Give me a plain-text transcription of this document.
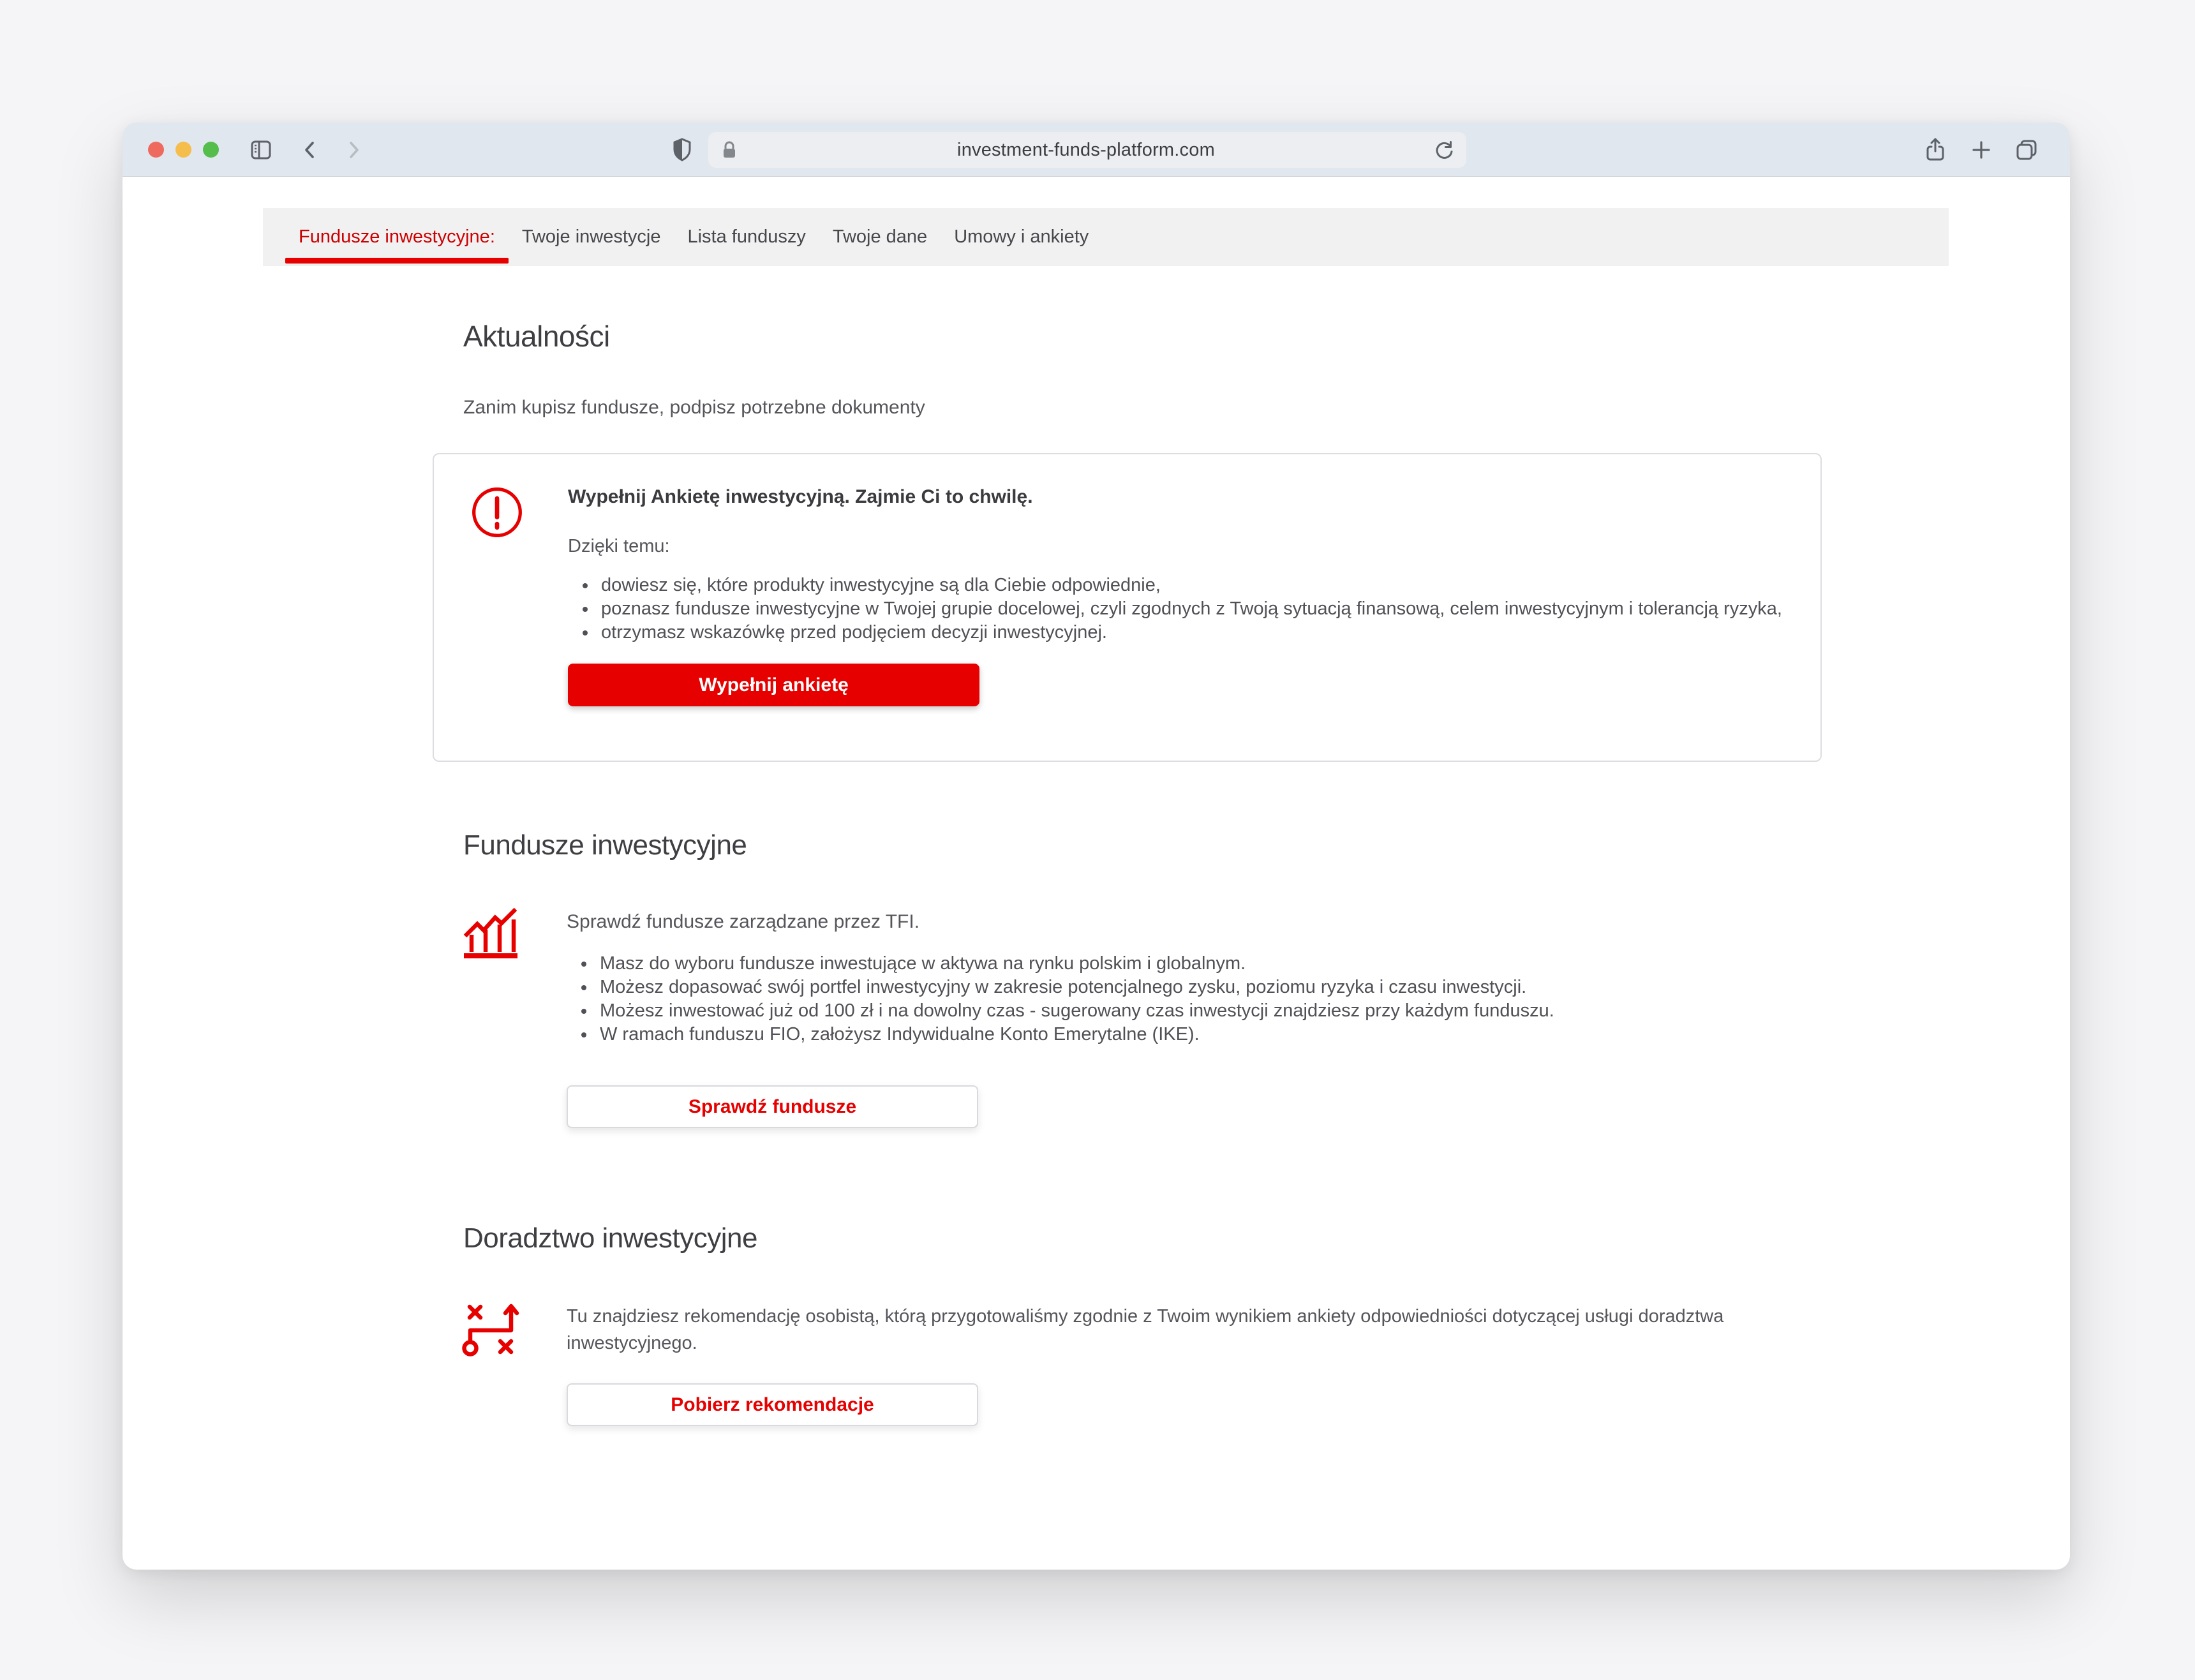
investment-funds-platform.com
Fundusze inwestycyjne: Twoje inwestycje Lista funduszy Twoje dane Umowy i ankiety
Aktualności
Zanim kupisz fundusze, podpisz potrzebne dokumenty
Wypełnij Ankietę inwestycyjną. Zajmie Ci to chwilę.
Dzięki temu:
• dowiesz się, które produkty inwestycyjne są dla Ciebie odpowiednie,
• poznasz fundusze inwestycyjne w Twojej grupie docelowej, czyli zgodnych z Twoją sytuacją finansową, celem inwestycyjnym i tolerancją ryzyka,
• otrzymasz wskazówkę przed podjęciem decyzji inwestycyjnej.
Wypełnij ankietę
Fundusze inwestycyjne
Sprawdź fundusze zarządzane przez TFI.
• Masz do wyboru fundusze inwestujące w aktywa na rynku polskim i globalnym.
• Możesz dopasować swój portfel inwestycyjny w zakresie potencjalnego zysku, poziomu ryzyka i czasu inwestycji.
• Możesz inwestować już od 100 zł i na dowolny czas - sugerowany czas inwestycji znajdziesz przy każdym funduszu.
• W ramach funduszu FIO, założysz Indywidualne Konto Emerytalne (IKE).
Sprawdź fundusze
Doradztwo inwestycyjne
Tu znajdziesz rekomendację osobistą, którą przygotowaliśmy zgodnie z Twoim wynikiem ankiety odpowiedniości dotyczącej usługi doradztwa inwestycyjnego.
Pobierz rekomendacje
